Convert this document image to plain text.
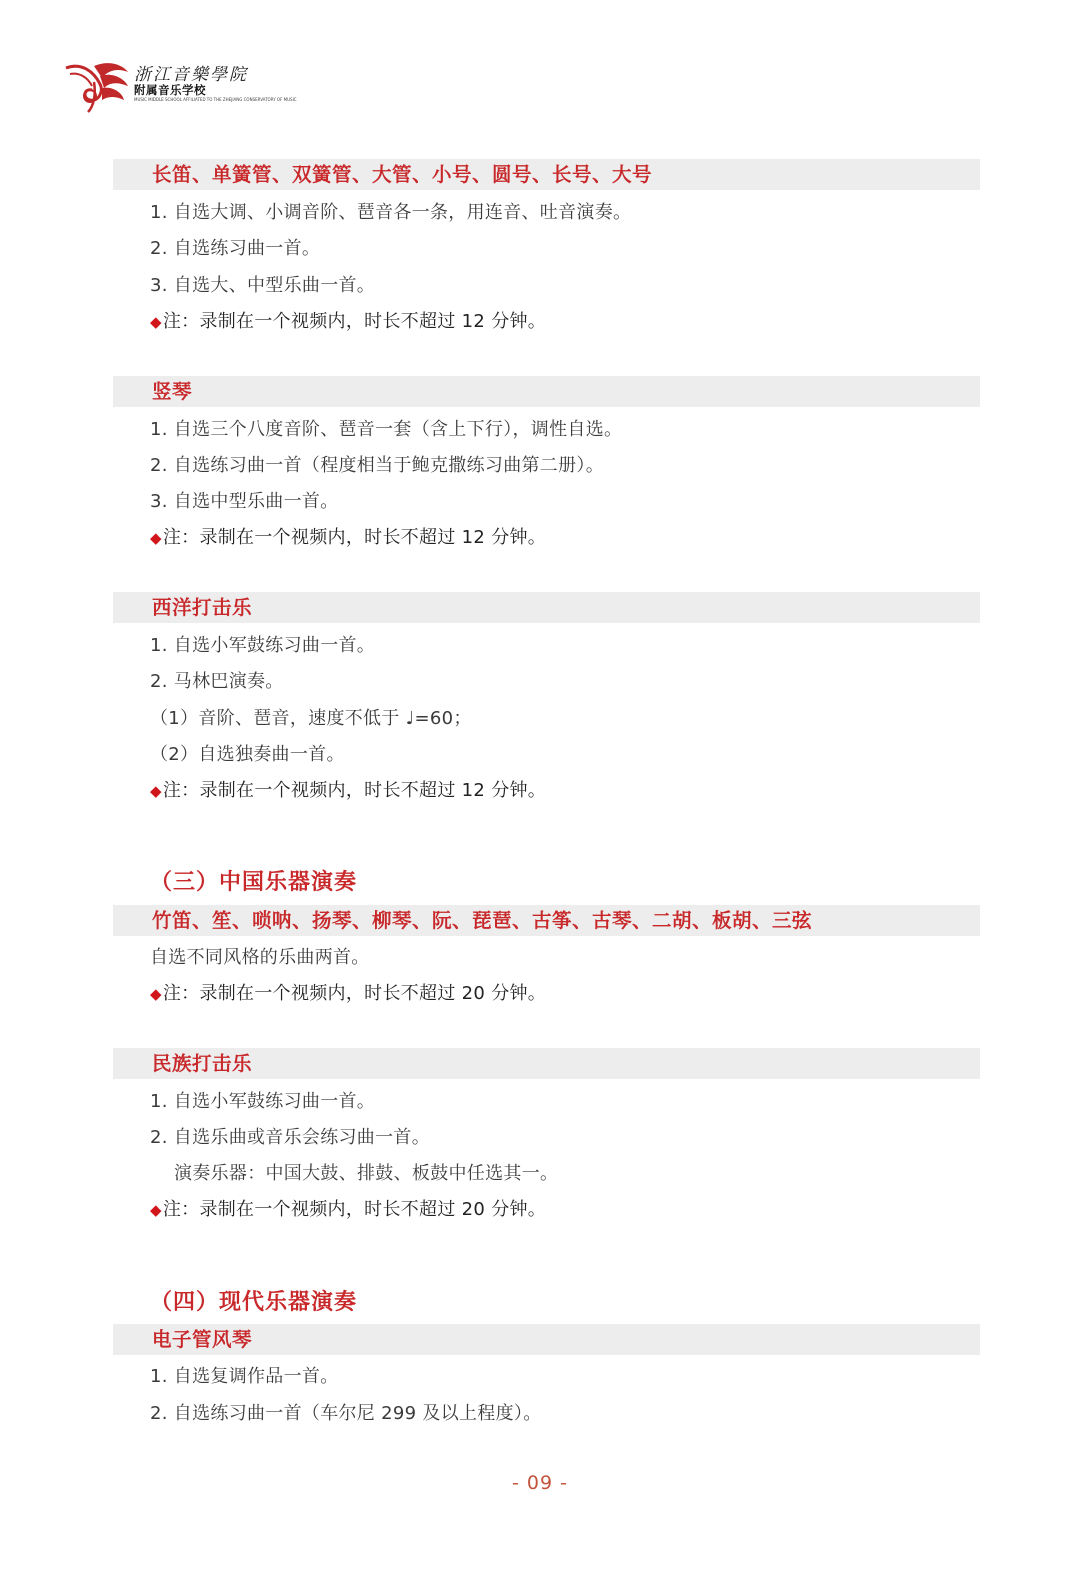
浙江音樂學院
附属音乐学校
MUSIC MIDDLE SCHOOL AFFILIATED TO THE ZHEJIANG CONSERVATORY OF MUSIC
长笛、单簧管、双簧管、大管、小号、圆号、长号、大号
1. 自选大调、小调音阶、琶音各一条，用连音、吐音演奏。
2. 自选练习曲一首。
3. 自选大、中型乐曲一首。
◆注：录制在一个视频内，时长不超过 12 分钟。
竖琴
1. 自选三个八度音阶、琶音一套（含上下行），调性自选。
2. 自选练习曲一首（程度相当于鲍克撒练习曲第二册）。
3. 自选中型乐曲一首。
◆注：录制在一个视频内，时长不超过 12 分钟。
西洋打击乐
1. 自选小军鼓练习曲一首。
2. 马林巴演奏。
（1）音阶、琶音，速度不低于 ♩=60；
（2）自选独奏曲一首。
◆注：录制在一个视频内，时长不超过 12 分钟。
（三）中国乐器演奏
竹笛、笙、唢呐、扬琴、柳琴、阮、琵琶、古筝、古琴、二胡、板胡、三弦
自选不同风格的乐曲两首。
◆注：录制在一个视频内，时长不超过 20 分钟。
民族打击乐
1. 自选小军鼓练习曲一首。
2. 自选乐曲或音乐会练习曲一首。
演奏乐器：中国大鼓、排鼓、板鼓中任选其一。
◆注：录制在一个视频内，时长不超过 20 分钟。
（四）现代乐器演奏
电子管风琴
1. 自选复调作品一首。
2. 自选练习曲一首（车尔尼 299 及以上程度）。
- 09 -
